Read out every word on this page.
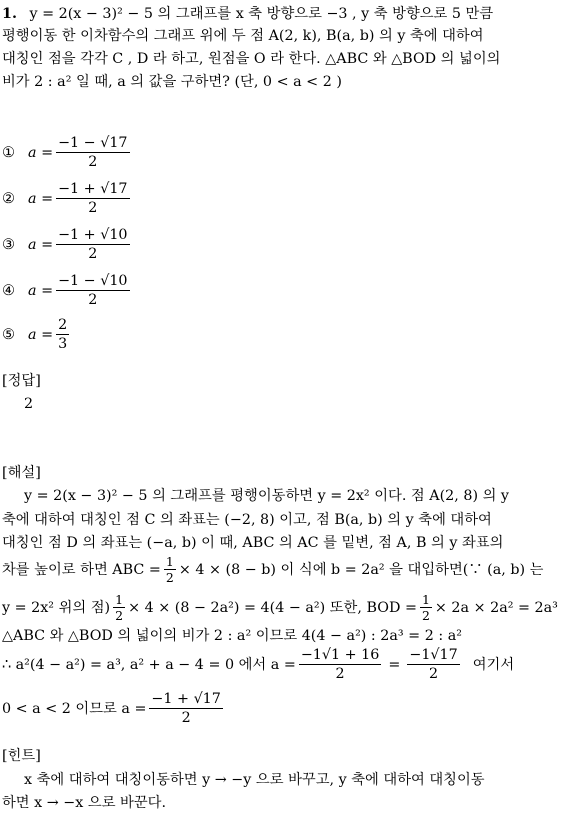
1. y = 2(x − 3)² − 5 의 그래프를 x 축 방향으로 −3 , y 축 방향으로 5 만큼
평행이동 한 이차함수의 그래프 위에 두 점 A(2, k), B(a, b) 의 y 축에 대하여
대칭인 점을 각각 C , D 라 하고, 원점을 O 라 한다. △ABC 와 △BOD 의 넓이의
비가 2 : a² 일 때, a 의 값을 구하면? (단, 0 < a < 2 )
① $a = \frac{-1 - √17}{2}$
② $a = \frac{-1 + √17}{2}$
③ $a = \frac{-1 + √10}{2}$
④ $a = \frac{-1 - √10}{2}$
⑤ $a = \frac{2}{3}$
[정답]
2
[해설]
y = 2(x − 3)² − 5 의 그래프를 평행이동하면 y = 2x² 이다. 점 A(2, 8) 의 y
축에 대하여 대칭인 점 C 의 좌표는 (−2, 8) 이고, 점 B(a, b) 의 y 축에 대하여
대칭인 점 D 의 좌표는 (−a, b) 이 때, ABC 의 AC 를 밑변, 점 A, B 의 y 좌표의
차를 높이로 하면 ABC = $\frac{1}{2} \times 4 \times (8 - b)$ 이 식에 b = 2a² 을 대입하면(∵ (a, b) 는
y = 2x² 위의 점) $\frac{1}{2} \times 4 \times (8 - 2a^2) = 4(4 - a^2)$ 또한, BOD = $\frac{1}{2} \times 2a \times 2a^2 = 2a^3$
△ABC 와 △BOD 의 넓이의 비가 2 : a² 이므로 4(4 − a²) : 2a³ = 2 : a²
∴ a²(4 − a²) = a³, a² + a − 4 = 0 에서 $a = \frac{-1√1 + 16}{2} = \frac{-1√17}{2}$ 여기서
0 < a < 2 이므로 $a = \frac{-1 + √17}{2}$
[힌트]
x 축에 대하여 대칭이동하면 y → −y 으로 바꾸고, y 축에 대하여 대칭이동
하면 x → −x 으로 바꾼다.
